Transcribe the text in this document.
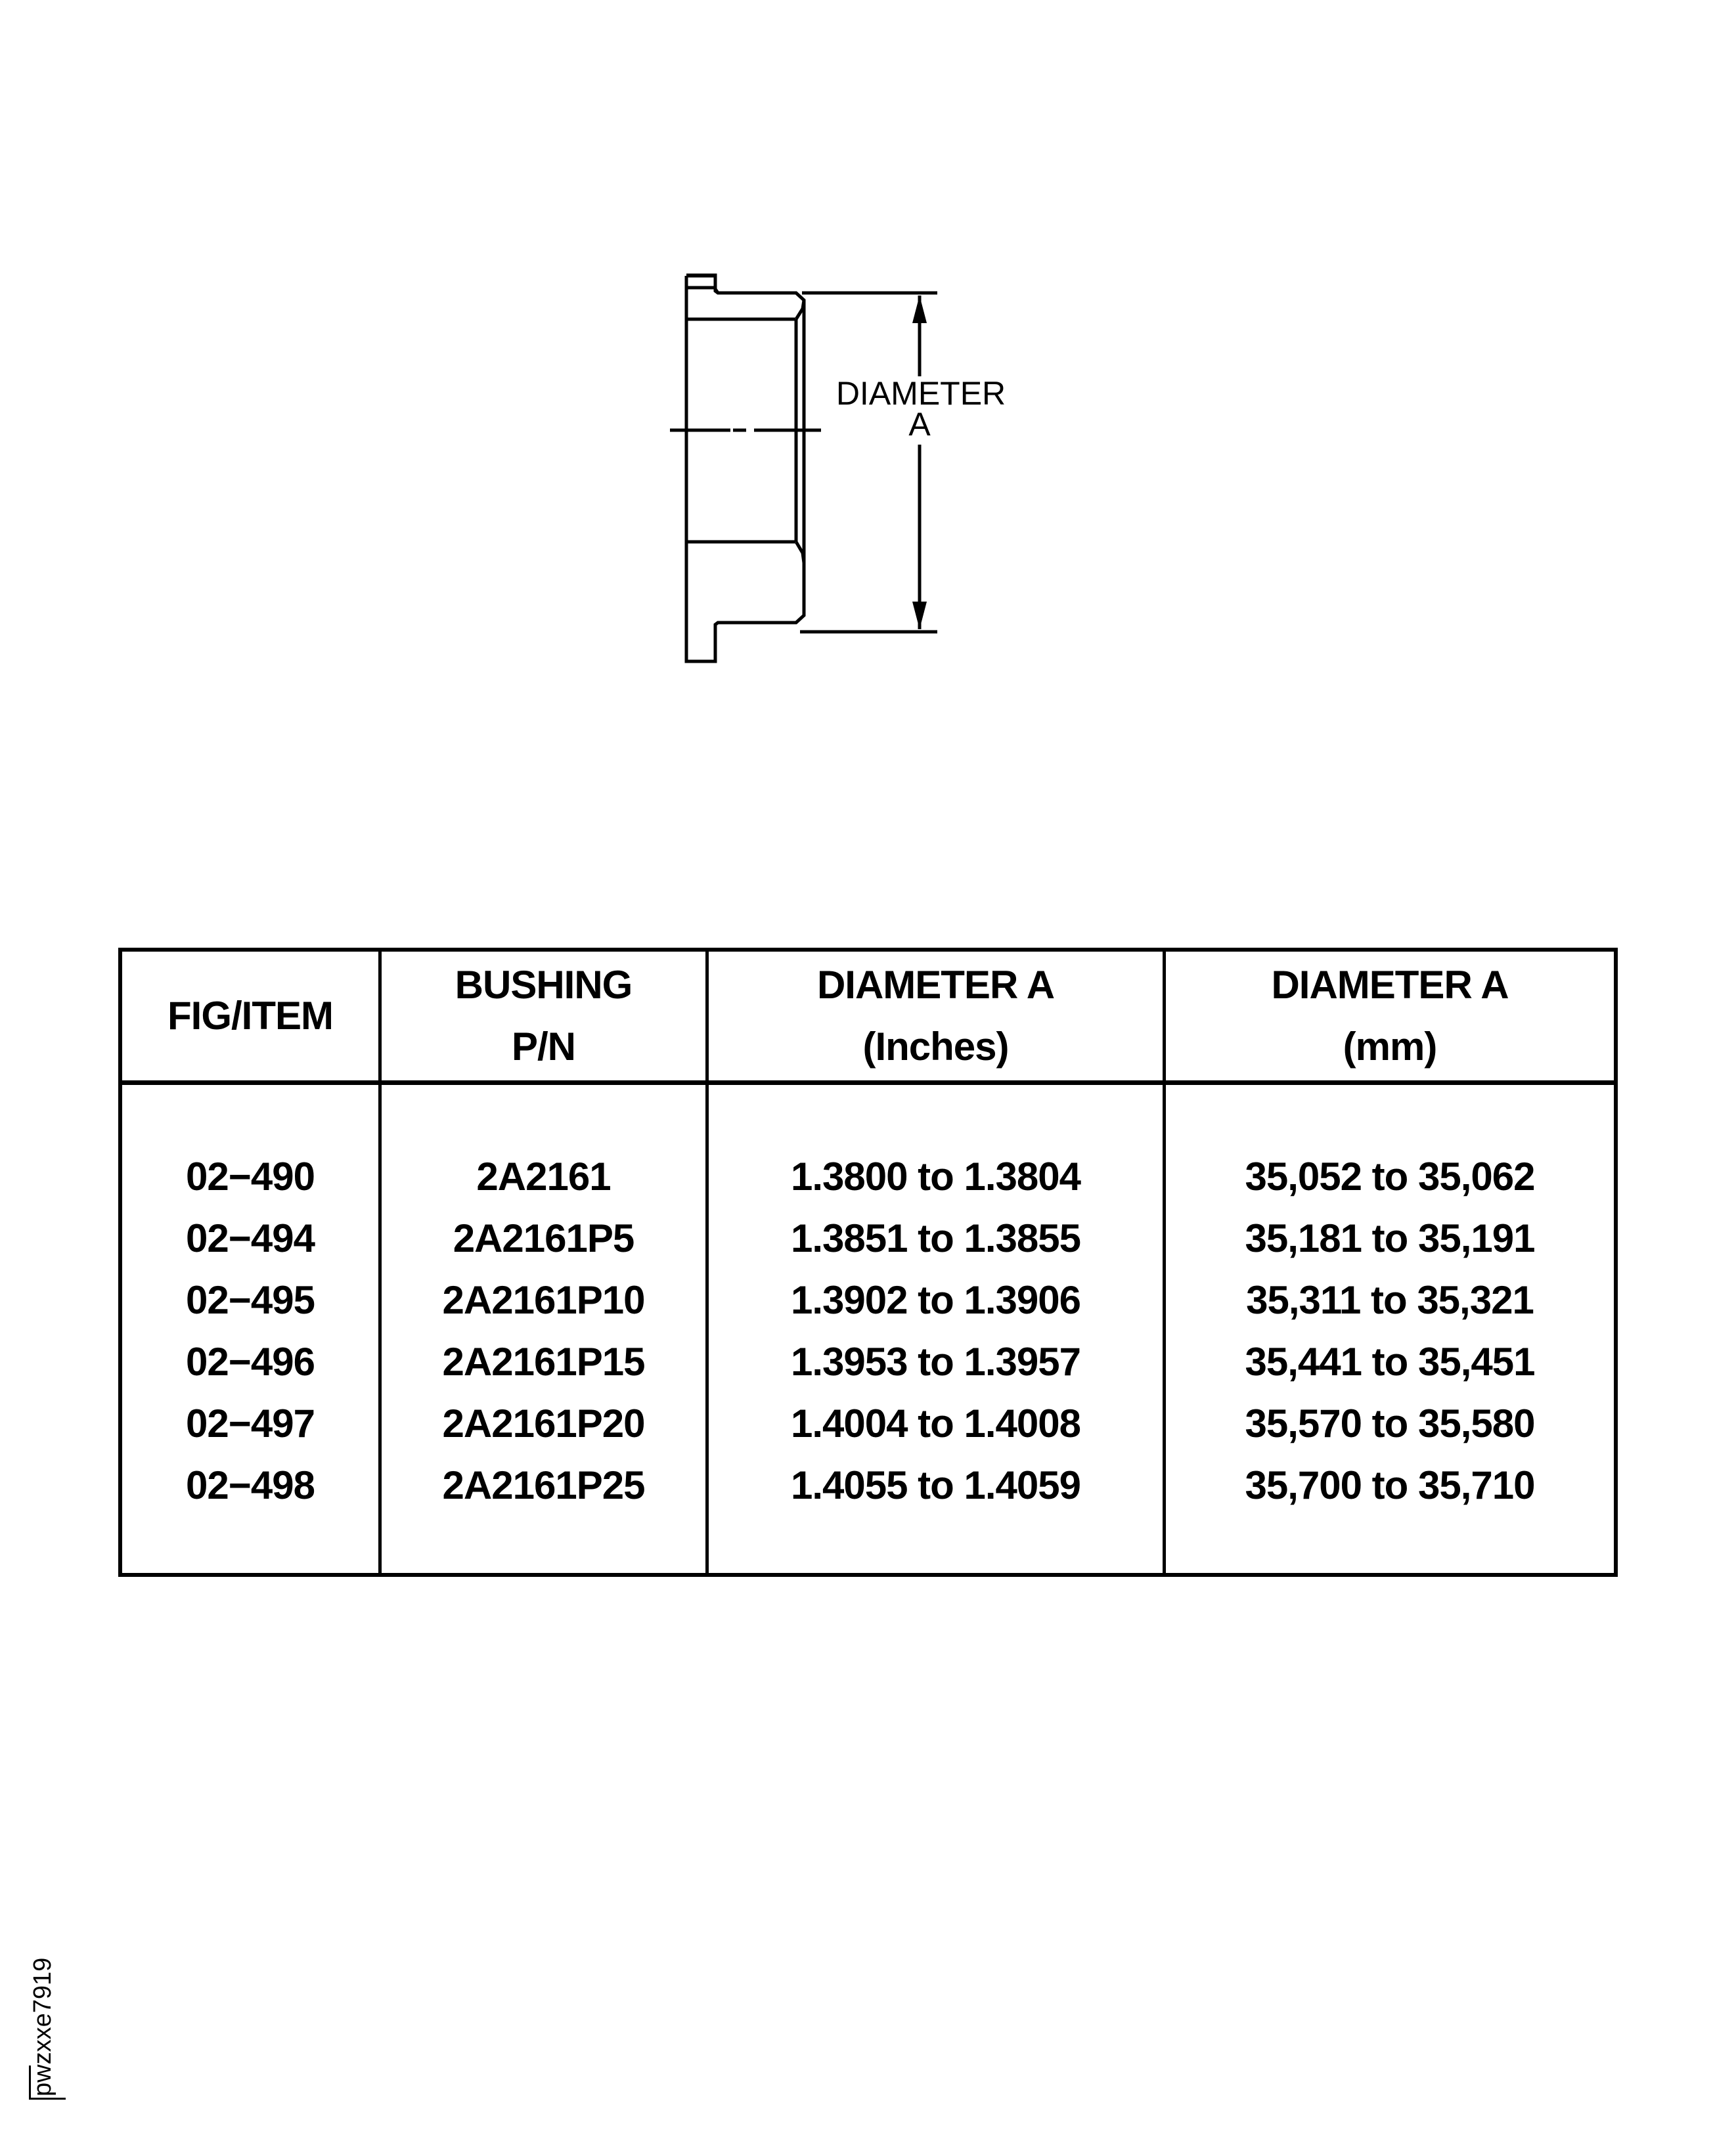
DIAMETER
A
FIG/ITEM
BUSHING
P/N
DIAMETER A
(Inches)
DIAMETER A
(mm)
02−490
02−494
02−495
02−496
02−497
02−498
2A2161
2A2161P5
2A2161P10
2A2161P15
2A2161P20
2A2161P25
1.3800 to 1.3804
1.3851 to 1.3855
1.3902 to 1.3906
1.3953 to 1.3957
1.4004 to 1.4008
1.4055 to 1.4059
35,052 to 35,062
35,181 to 35,191
35,311 to 35,321
35,441 to 35,451
35,570 to 35,580
35,700 to 35,710
pwzxxe7919
